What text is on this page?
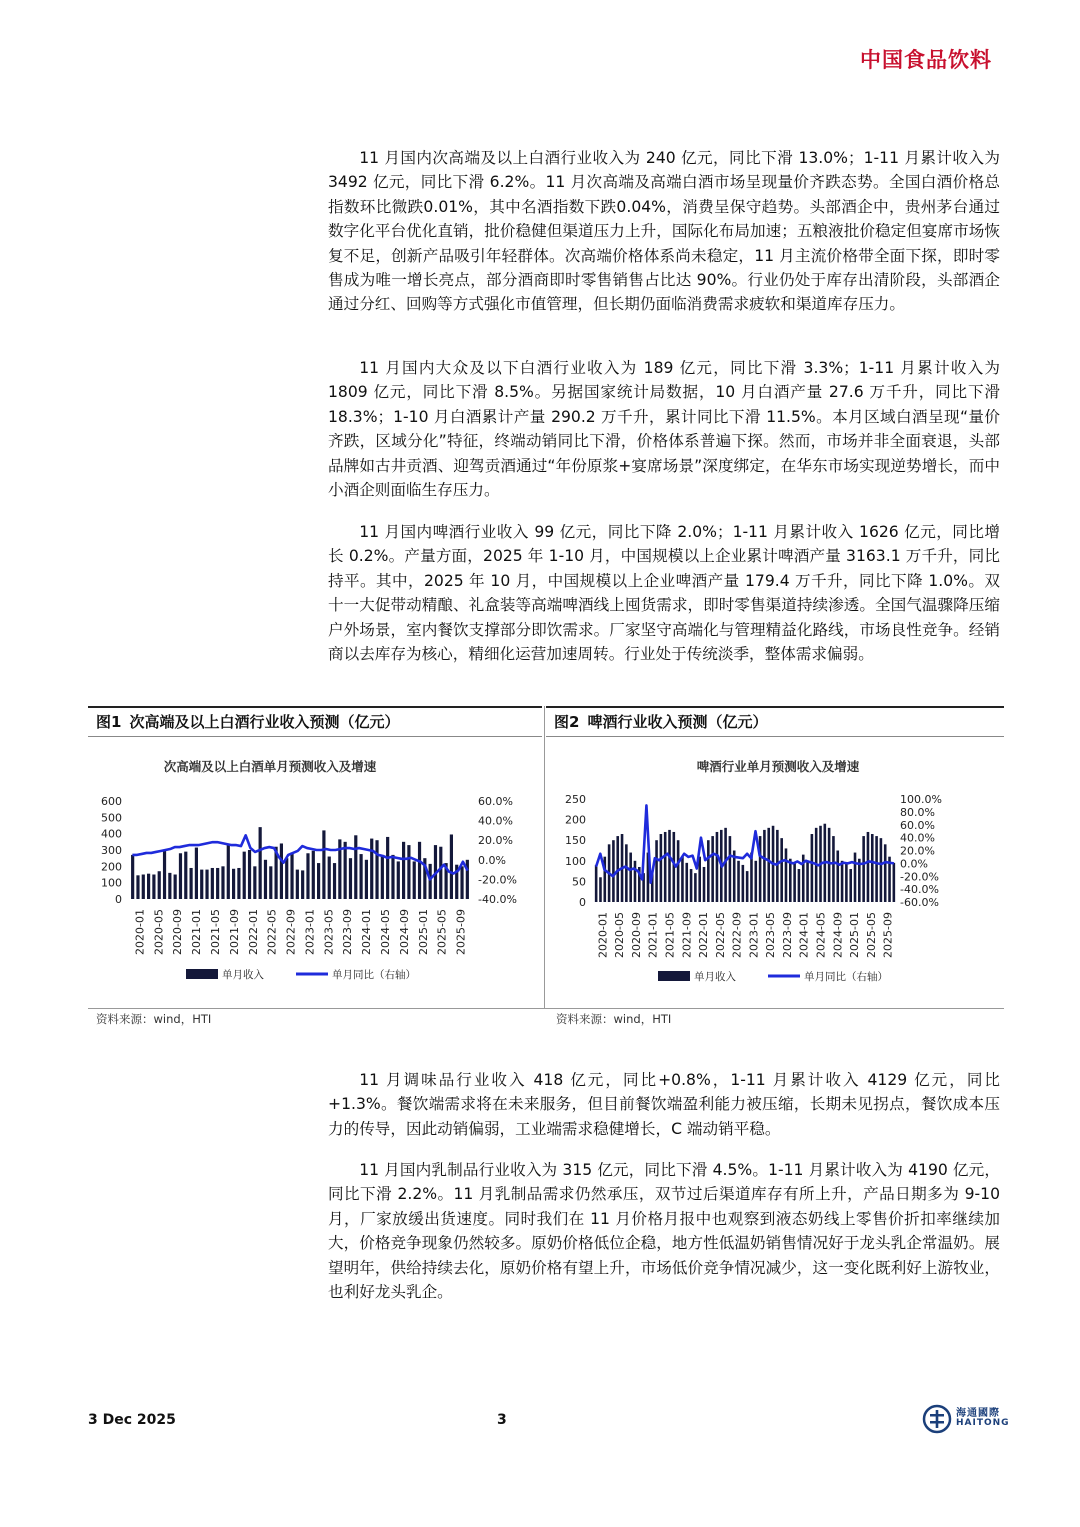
中国食品饮料

11 月国内次高端及以上白酒行业收入为 240 亿元，同比下滑 13.0%；1-11 月累计收入为 3492 亿元，同比下滑 6.2%。11 月次高端及高端白酒市场呈现量价齐跌态势。全国白酒价格总指数环比微跌0.01%，其中名酒指数下跌0.04%，消费呈保守趋势。头部酒企中，贵州茅台通过数字化平台优化直销，批价稳健但渠道压力上升，国际化布局加速；五粮液批价稳定但宴席市场恢复不足，创新产品吸引年轻群体。次高端价格体系尚未稳定，11 月主流价格带全面下探，即时零售成为唯一增长亮点，部分酒商即时零售销售占比达 90%。行业仍处于库存出清阶段，头部酒企通过分红、回购等方式强化市值管理，但长期仍面临消费需求疲软和渠道库存压力。

11 月国内大众及以下白酒行业收入为 189 亿元，同比下滑 3.3%；1-11 月累计收入为 1809 亿元，同比下滑 8.5%。另据国家统计局数据，10 月白酒产量 27.6 万千升，同比下滑 18.3%；1-10 月白酒累计产量 290.2 万千升，累计同比下滑 11.5%。本月区域白酒呈现“量价齐跌，区域分化”特征，终端动销同比下滑，价格体系普遍下探。然而，市场并非全面衰退，头部品牌如古井贡酒、迎驾贡酒通过“年份原浆+宴席场景”深度绑定，在华东市场实现逆势增长，而中小酒企则面临生存压力。

11 月国内啤酒行业收入 99 亿元，同比下降 2.0%；1-11 月累计收入 1626 亿元，同比增长 0.2%。产量方面，2025 年 1-10 月，中国规模以上企业累计啤酒产量 3163.1 万千升，同比持平。其中，2025 年 10 月，中国规模以上企业啤酒产量 179.4 万千升，同比下降 1.0%。双十一大促带动精酿、礼盒装等高端啤酒线上囤货需求，即时零售渠道持续渗透。全国气温骤降压缩户外场景，室内餐饮支撑部分即饮需求。厂家坚守高端化与管理精益化路线，市场良性竞争。经销商以去库存为核心，精细化运营加速周转。行业处于传统淡季，整体需求偏弱。

图1 次高端及以上白酒行业收入预测（亿元）
次高端及以上白酒单月预测收入及增速
0
100
200
300
400
500
600
-40.0%
-20.0%
0.0%
20.0%
40.0%
60.0%
2020-01 2020-05 2020-09 2021-01 2021-05 2021-09 2022-01 2022-05 2022-09 2023-01 2023-05 2023-09 2024-01 2024-05 2024-09 2025-01 2025-05 2025-09
单月收入	单月同比（右轴）
图2 啤酒行业收入预测（亿元）
啤酒行业单月预测收入及增速
0
50
100
150
200
250
-60.0%
-40.0%
-20.0%
0.0%
20.0%
40.0%
60.0%
80.0%
100.0%
2020-01 2020-05 2020-09 2021-01 2021-05 2021-09 2022-01 2022-05 2022-09 2023-01 2023-05 2023-09 2024-01 2024-05 2024-09 2025-01 2025-05 2025-09
单月收入	单月同比（右轴）
资料来源：wind，HTI	资料来源：wind，HTI

11 月调味品行业收入 418 亿元，同比+0.8%，1-11 月累计收入 4129 亿元，同比+1.3%。餐饮端需求将在未来服务，但目前餐饮端盈利能力被压缩，长期未见拐点，餐饮成本压力的传导，因此动销偏弱，工业端需求稳健增长，C 端动销平稳。

11 月国内乳制品行业收入为 315 亿元，同比下滑 4.5%。1-11 月累计收入为 4190 亿元，同比下滑 2.2%。11 月乳制品需求仍然承压，双节过后渠道库存有所上升，产品日期多为 9-10 月，厂家放缓出货速度。同时我们在 11 月价格月报中也观察到液态奶线上零售价折扣率继续加大，价格竞争现象仍然较多。原奶价格低位企稳，地方性低温奶销售情况好于龙头乳企常温奶。展望明年，供给持续去化，原奶价格有望上升，市场低价竞争情况减少，这一变化既利好上游牧业，也利好龙头乳企。

3 Dec 2025	3	海通國際
HAITONG
